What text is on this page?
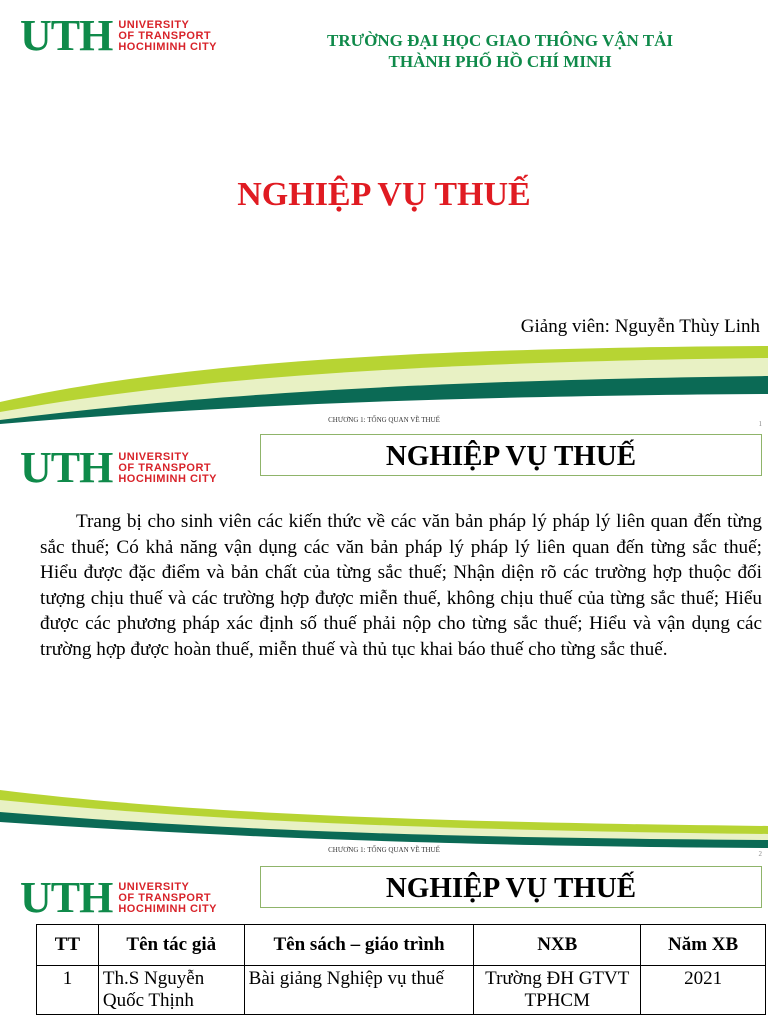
UTH UNIVERSITY
OF TRANSPORT
HOCHIMINH CITY	TRƯỜNG ĐẠI HỌC GIAO THÔNG VẬN TẢI
THÀNH PHỐ HỒ CHÍ MINH
NGHIỆP VỤ THUẾ
Giảng viên: Nguyễn Thùy Linh
CHƯƠNG 1: TỔNG QUAN VỀ THUẾ	1
UTH UNIVERSITY
OF TRANSPORT
HOCHIMINH CITY
NGHIỆP VỤ THUẾ
Trang bị cho sinh viên các kiến thức về các văn bản pháp lý pháp lý liên quan đến từng sắc thuế; Có khả năng vận dụng các văn bản pháp lý pháp lý liên quan đến từng sắc thuế; Hiểu được đặc điểm và bản chất của từng sắc thuế; Nhận diện rõ các trường hợp thuộc đối tượng chịu thuế và các trường hợp được miễn thuế, không chịu thuế của từng sắc thuế; Hiểu được các phương pháp xác định số thuế phải nộp cho từng sắc thuế; Hiểu và vận dụng các trường hợp được hoàn thuế, miễn thuế và thủ tục khai báo thuế cho từng sắc thuế.
CHƯƠNG 1: TỔNG QUAN VỀ THUẾ	2
UTH UNIVERSITY
OF TRANSPORT
HOCHIMINH CITY
NGHIỆP VỤ THUẾ
TT	Tên tác giả	Tên sách – giáo trình	NXB	Năm XB
1	Th.S Nguyễn Quốc Thịnh	Bài giảng Nghiệp vụ thuế	Trường ĐH GTVT TPHCM	2021
